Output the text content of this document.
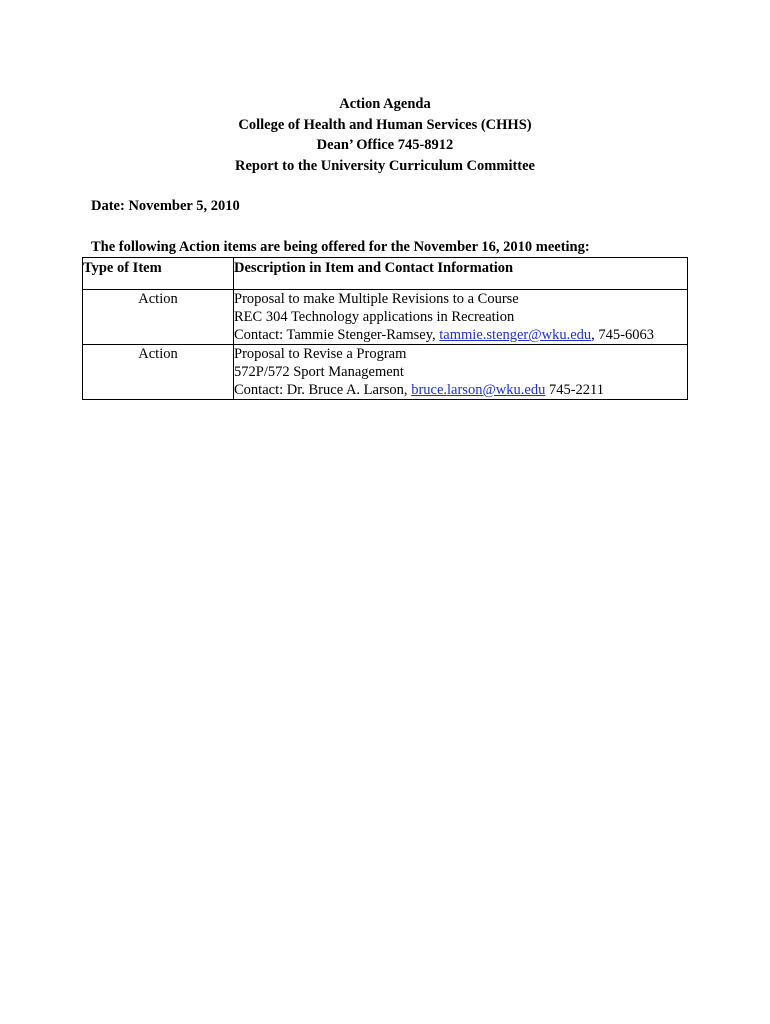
Action Agenda
College of Health and Human Services (CHHS)
Dean’ Office 745-8912
Report to the University Curriculum Committee
Date: November 5, 2010
The following Action items are being offered for the November 16, 2010 meeting:
Type of Item	Description in Item and Contact Information
Action	Proposal to make Multiple Revisions to a Course
REC 304 Technology applications in Recreation
Contact: Tammie Stenger-Ramsey, tammie.stenger@wku.edu, 745-6063

Action	Proposal to Revise a Program
572P/572 Sport Management
Contact: Dr. Bruce A. Larson, bruce.larson@wku.edu 745-2211
